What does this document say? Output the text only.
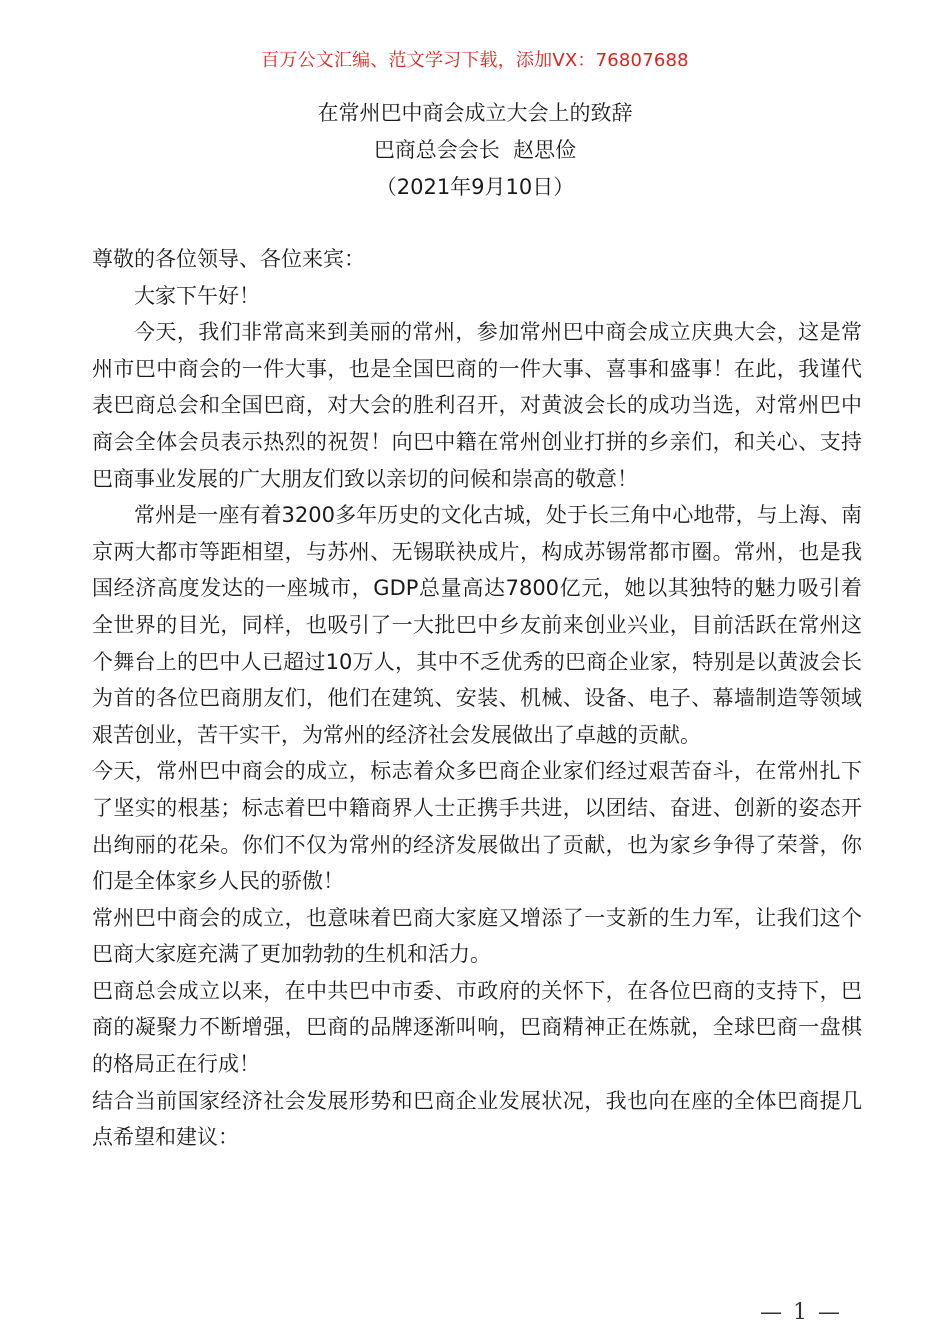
百万公文汇编、范文学习下载，添加VX：76807688
在常州巴中商会成立大会上的致辞
巴商总会会长  赵思俭
（2021年9月10日）

尊敬的各位领导、各位来宾：

大家下午好！

今天，我们非常高来到美丽的常州，参加常州巴中商会成立庆典大会，这是常州市巴中商会的一件大事，也是全国巴商的一件大事、喜事和盛事！在此，我谨代表巴商总会和全国巴商，对大会的胜利召开，对黄波会长的成功当选，对常州巴中商会全体会员表示热烈的祝贺！向巴中籍在常州创业打拼的乡亲们，和关心、支持巴商事业发展的广大朋友们致以亲切的问候和崇高的敬意！

常州是一座有着3200多年历史的文化古城，处于长三角中心地带，与上海、南京两大都市等距相望，与苏州、无锡联袂成片，构成苏锡常都市圈。常州，也是我国经济高度发达的一座城市，GDP总量高达7800亿元，她以其独特的魅力吸引着全世界的目光，同样，也吸引了一大批巴中乡友前来创业兴业，目前活跃在常州这个舞台上的巴中人已超过10万人，其中不乏优秀的巴商企业家，特别是以黄波会长为首的各位巴商朋友们，他们在建筑、安装、机械、设备、电子、幕墙制造等领域艰苦创业，苦干实干，为常州的经济社会发展做出了卓越的贡献。

今天，常州巴中商会的成立，标志着众多巴商企业家们经过艰苦奋斗，在常州扎下了坚实的根基；标志着巴中籍商界人士正携手共进，以团结、奋进、创新的姿态开出绚丽的花朵。你们不仅为常州的经济发展做出了贡献，也为家乡争得了荣誉，你们是全体家乡人民的骄傲！

常州巴中商会的成立，也意味着巴商大家庭又增添了一支新的生力军，让我们这个巴商大家庭充满了更加勃勃的生机和活力。

巴商总会成立以来，在中共巴中市委、市政府的关怀下，在各位巴商的支持下，巴商的凝聚力不断增强，巴商的品牌逐渐叫响，巴商精神正在炼就，全球巴商一盘棋的格局正在行成！

结合当前国家经济社会发展形势和巴商企业发展状况，我也向在座的全体巴商提几点希望和建议：

— 1 —
